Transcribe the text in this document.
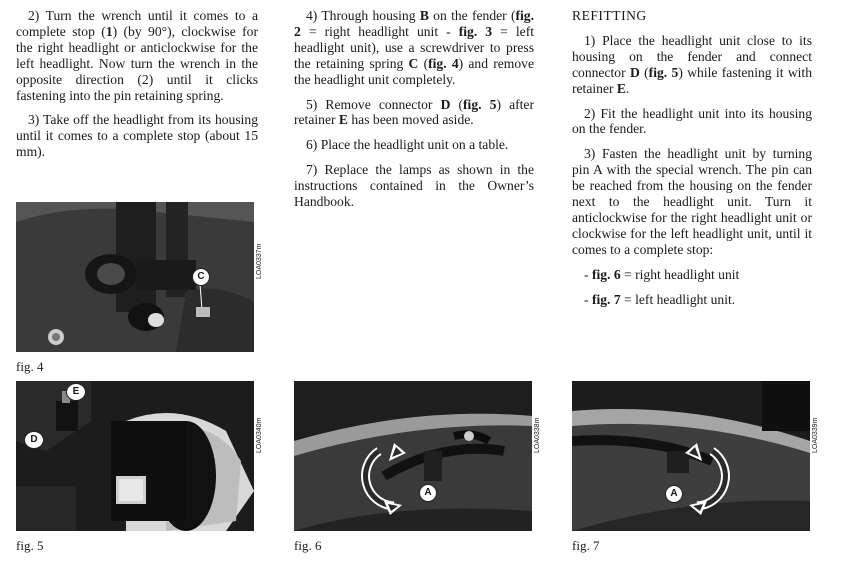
2) Turn the wrench until it comes to a complete stop (1) (by 90°), clockwise for the right headlight or anticlockwise for the left headlight. Now turn the wrench in the opposite direction (2) until it clicks fastening into the pin retaining spring.

3) Take off the headlight from its housing until it comes to a complete stop (about 15 mm).

4) Through housing B on the fender (fig. 2 = right headlight unit - fig. 3 = left headlight unit), use a screwdriver to press the retaining spring C (fig. 4) and remove the headlight unit completely.

5) Remove connector D (fig. 5) after retainer E has been moved aside.

6) Place the headlight unit on a table.

7) Replace the lamps as shown in the instructions contained in the Owner’s Handbook.

REFITTING

1) Place the headlight unit close to its housing on the fender and connect connector D (fig. 5) while fastening it with retainer E.

2) Fit the headlight unit into its housing on the fender.

3) Fasten the headlight unit by turning pin A with the special wrench. The pin can be reached from the housing on the fender next to the headlight unit. Turn it anticlockwise for the right headlight unit or clockwise for the left headlight unit, until it comes to a complete stop:

- fig. 6 = right headlight unit

- fig. 7 = left headlight unit.

C	LOA0337m
fig. 4
E
D	LOA0340m
fig. 5
A
LOA0338m
fig. 6
A
LOA0339m
fig. 7
